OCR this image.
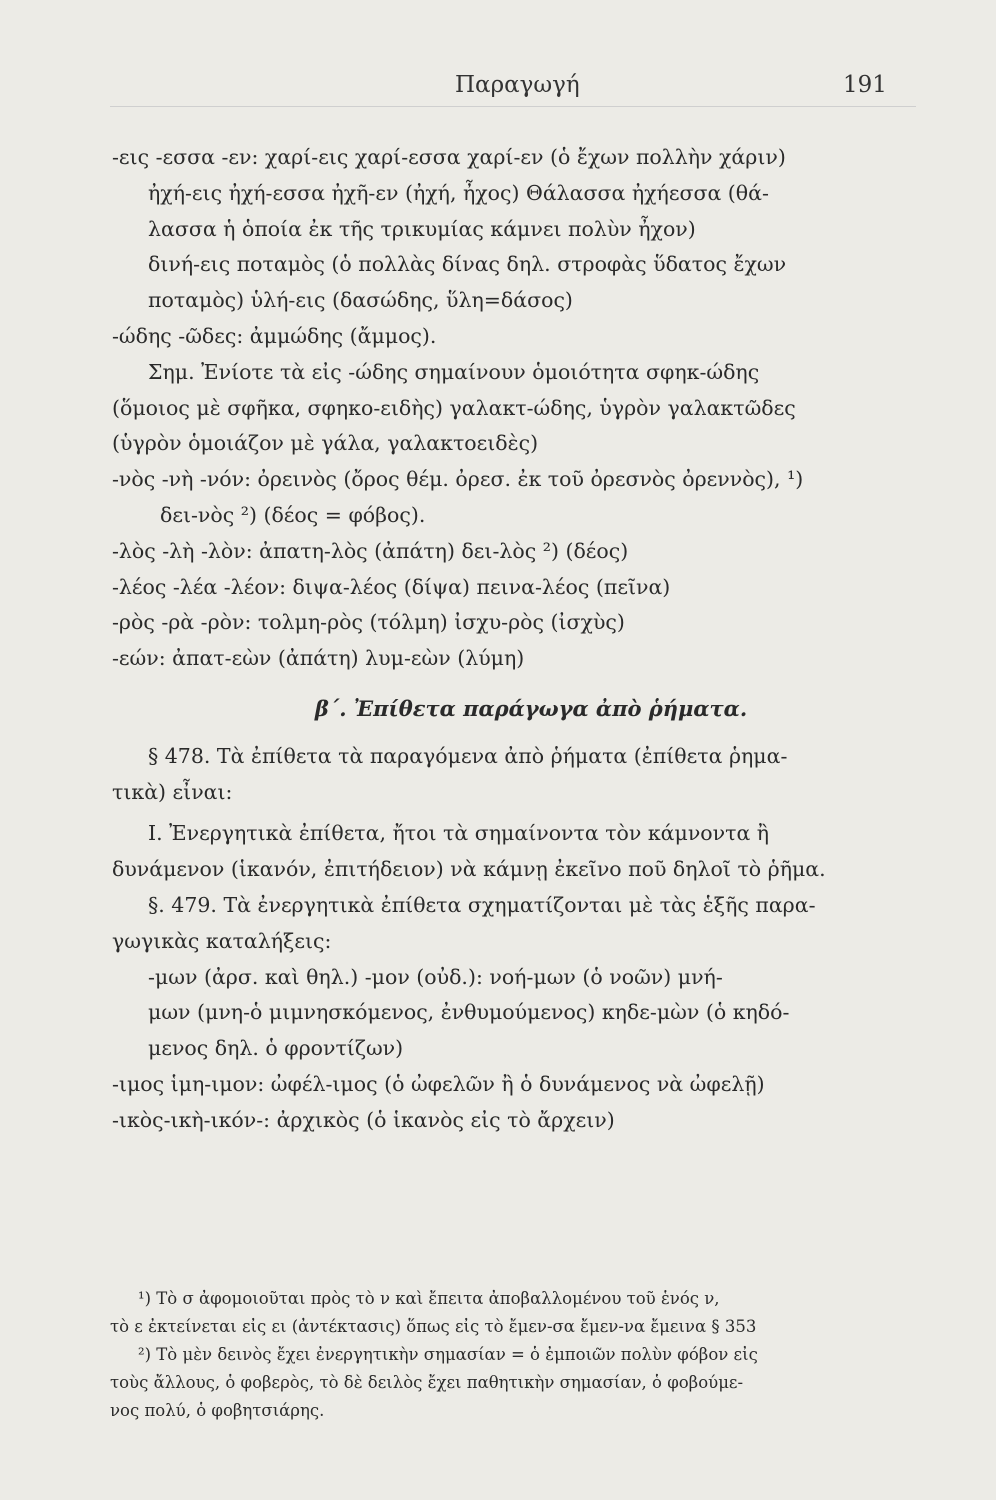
Παραγωγή	191
-εις -εσσα -εν: χαρί-εις χαρί-εσσα χαρί-εν (ὁ ἔχων πολλὴν χάριν)
ἠχή-εις ἠχή-εσσα ἠχῆ-εν (ἠχή, ἦχος) Θάλασσα ἠχήεσσα (θά-
λασσα ἡ ὁποία ἐκ τῆς τρικυμίας κάμνει πολὺν ἦχον)
δινή-εις ποταμὸς (ὁ πολλὰς δίνας δηλ. στροφὰς ὕδατος ἔχων
ποταμὸς) ὑλή-εις (δασώδης, ὕλη=δάσος)
-ώδης -ῶδες: ἀμμώδης (ἄμμος).
Σημ. Ἐνίοτε τὰ εἰς -ώδης σημαίνουν ὁμοιότητα σφηκ-ώδης
(ὅμοιος μὲ σφῆκα, σφηκο-ειδὴς) γαλακτ-ώδης, ὑγρὸν γαλακτῶδες
(ὑγρὸν ὁμοιάζον μὲ γάλα, γαλακτοειδὲς)
-νὸς -νὴ -νόν: ὀρεινὸς (ὄρος θέμ. ὀρεσ. ἐκ τοῦ ὀρεσνὸς ὀρεννὸς), ¹)
δει-νὸς ²) (δέος = φόβος).
-λὸς -λὴ -λὸν: ἀπατη-λὸς (ἀπάτη) δει-λὸς ²) (δέος)
-λέος -λέα -λέον: διψα-λέος (δίψα) πεινα-λέος (πεῖνα)
-ρὸς -ρὰ -ρὸν: τολμη-ρὸς (τόλμη) ἰσχυ-ρὸς (ἰσχὺς)
-εών: ἀπατ-εὼν (ἀπάτη) λυμ-εὼν (λύμη)
β΄. Ἐπίθετα παράγωγα ἀπὸ ῥήματα.
§ 478. Τὰ ἐπίθετα τὰ παραγόμενα ἀπὸ ῥήματα (ἐπίθετα ῥημα-
τικὰ) εἶναι:
Ι. Ἐνεργητικὰ ἐπίθετα, ἤτοι τὰ σημαίνοντα τὸν κάμνοντα ἢ
δυνάμενον (ἱκανόν, ἐπιτήδειον) νὰ κάμνῃ ἐκεῖνο ποῦ δηλοῖ τὸ ῥῆμα.
§. 479. Τὰ ἐνεργητικὰ ἐπίθετα σχηματίζονται μὲ τὰς ἑξῆς παρα-
γωγικὰς καταλήξεις:
-μων (ἀρσ. καὶ θηλ.) -μον (οὐδ.): νοή-μων (ὁ νοῶν) μνή-
μων (μνη-ὁ μιμνησκόμενος, ἐνθυμούμενος) κηδε-μὼν (ὁ κηδό-
μενος δηλ. ὁ φροντίζων)
-ιμος ἱμη-ιμον: ὠφέλ-ιμος (ὁ ὠφελῶν ἢ ὁ δυνάμενος νὰ ὠφελῇ)
-ικὸς-ικὴ-ικόν-: ἀρχικὸς (ὁ ἱκανὸς εἰς τὸ ἄρχειν)
¹) Τὸ σ ἀφομοιοῦται πρὸς τὸ ν καὶ ἔπειτα ἀποβαλλομένου τοῦ ἑνός ν,
τὸ ε ἐκτείνεται εἰς ει (ἀντέκτασις) ὅπως εἰς τὸ ἔμεν-σα ἔμεν-να ἔμεινα § 353
²) Τὸ μὲν δεινὸς ἔχει ἐνεργητικὴν σημασίαν = ὁ ἐμποιῶν πολὺν φόβον εἰς
τοὺς ἄλλους, ὁ φοβερὸς, τὸ δὲ δειλὸς ἔχει παθητικὴν σημασίαν, ὁ φοβούμε-
νος πολύ, ὁ φοβητσιάρης.
